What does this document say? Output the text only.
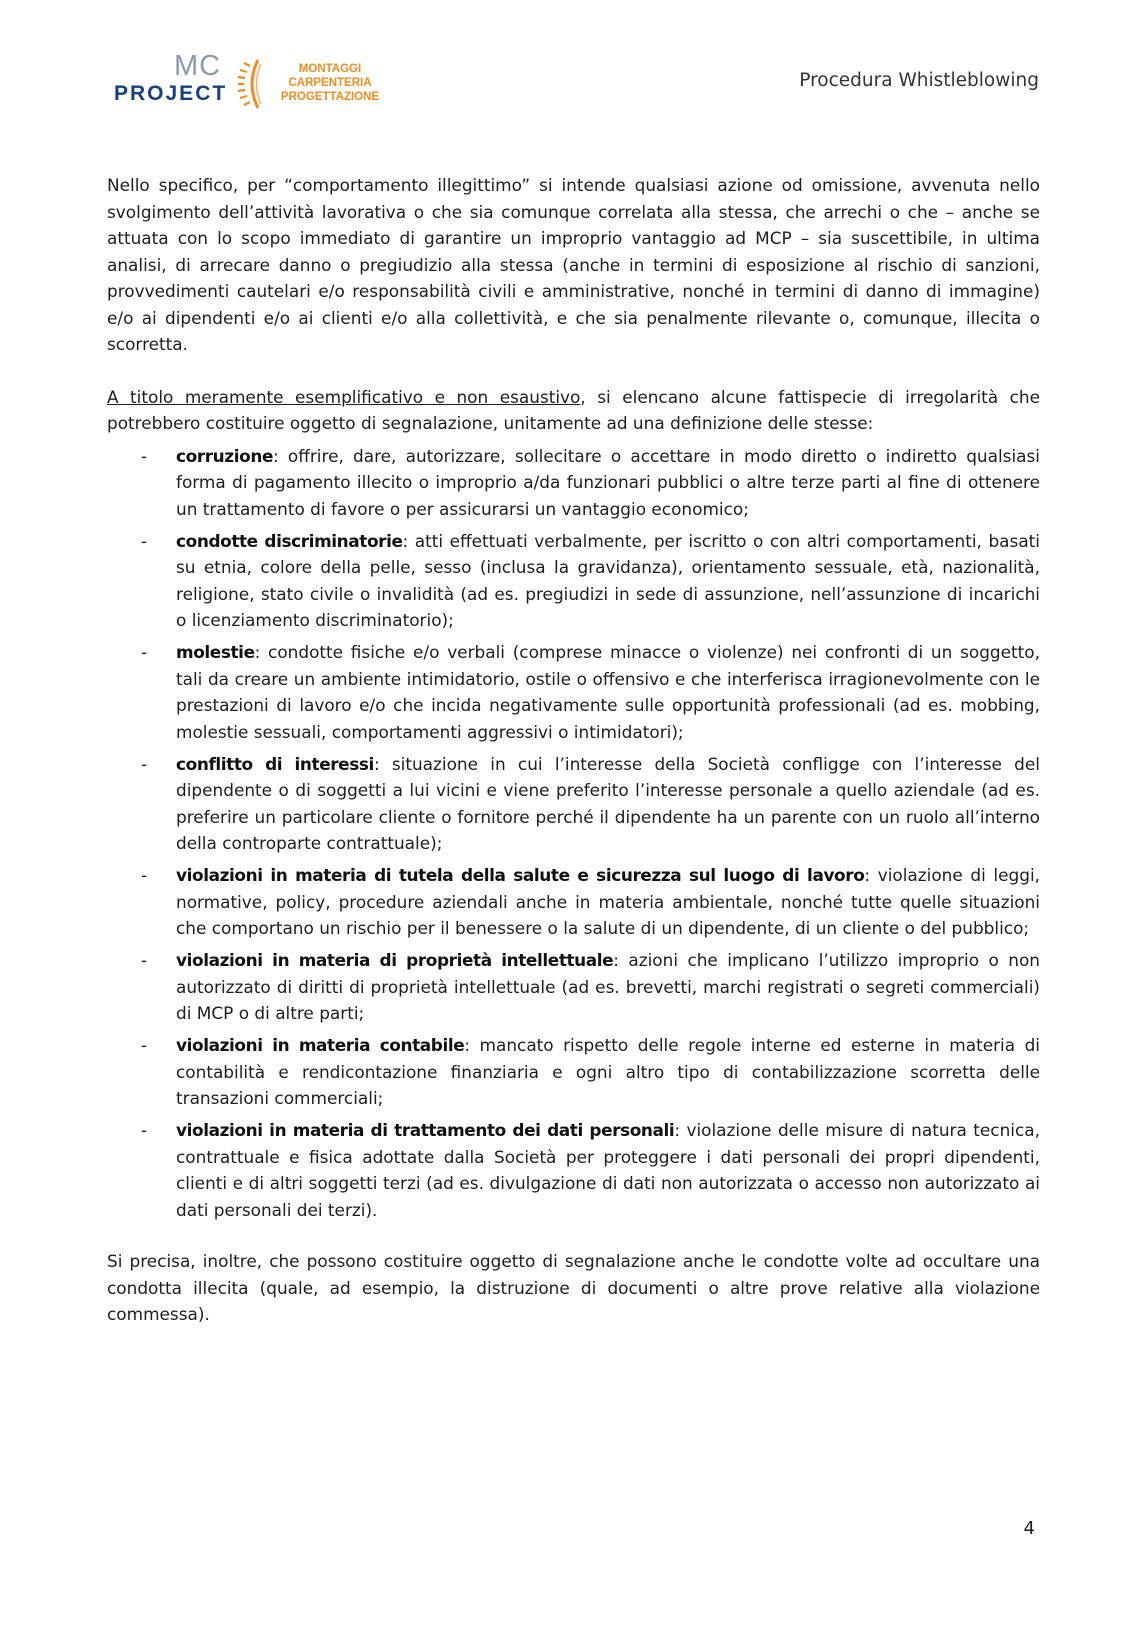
MC
PROJECT
MONTAGGI
CARPENTERIA
PROGETTAZIONE
Procedura Whistleblowing

Nello specifico, per “comportamento illegittimo” si intende qualsiasi azione od omissione, avvenuta nello svolgimento dell’attività lavorativa o che sia comunque correlata alla stessa, che arrechi o che – anche se attuata con lo scopo immediato di garantire un improprio vantaggio ad MCP – sia suscettibile, in ultima analisi, di arrecare danno o pregiudizio alla stessa (anche in termini di esposizione al rischio di sanzioni, provvedimenti cautelari e/o responsabilità civili e amministrative, nonché in termini di danno di immagine) e/o ai dipendenti e/o ai clienti e/o alla collettività, e che sia penalmente rilevante o, comunque, illecita o scorretta.

A titolo meramente esemplificativo e non esaustivo, si elencano alcune fattispecie di irregolarità che potrebbero costituire oggetto di segnalazione, unitamente ad una definizione delle stesse:

- corruzione: offrire, dare, autorizzare, sollecitare o accettare in modo diretto o indiretto qualsiasi forma di pagamento illecito o improprio a/da funzionari pubblici o altre terze parti al fine di ottenere un trattamento di favore o per assicurarsi un vantaggio economico;
- condotte discriminatorie: atti effettuati verbalmente, per iscritto o con altri comportamenti, basati su etnia, colore della pelle, sesso (inclusa la gravidanza), orientamento sessuale, età, nazionalità, religione, stato civile o invalidità (ad es. pregiudizi in sede di assunzione, nell’assunzione di incarichi o licenziamento discriminatorio);
- molestie: condotte fisiche e/o verbali (comprese minacce o violenze) nei confronti di un soggetto, tali da creare un ambiente intimidatorio, ostile o offensivo e che interferisca irragionevolmente con le prestazioni di lavoro e/o che incida negativamente sulle opportunità professionali (ad es. mobbing, molestie sessuali, comportamenti aggressivi o intimidatori);
- conflitto di interessi: situazione in cui l’interesse della Società confligge con l’interesse del dipendente o di soggetti a lui vicini e viene preferito l’interesse personale a quello aziendale (ad es. preferire un particolare cliente o fornitore perché il dipendente ha un parente con un ruolo all’interno della controparte contrattuale);
- violazioni in materia di tutela della salute e sicurezza sul luogo di lavoro: violazione di leggi, normative, policy, procedure aziendali anche in materia ambientale, nonché tutte quelle situazioni che comportano un rischio per il benessere o la salute di un dipendente, di un cliente o del pubblico;
- violazioni in materia di proprietà intellettuale: azioni che implicano l’utilizzo improprio o non autorizzato di diritti di proprietà intellettuale (ad es. brevetti, marchi registrati o segreti commerciali) di MCP o di altre parti;
- violazioni in materia contabile: mancato rispetto delle regole interne ed esterne in materia di contabilità e rendicontazione finanziaria e ogni altro tipo di contabilizzazione scorretta delle transazioni commerciali;
- violazioni in materia di trattamento dei dati personali: violazione delle misure di natura tecnica, contrattuale e fisica adottate dalla Società per proteggere i dati personali dei propri dipendenti, clienti e di altri soggetti terzi (ad es. divulgazione di dati non autorizzata o accesso non autorizzato ai dati personali dei terzi).

Si precisa, inoltre, che possono costituire oggetto di segnalazione anche le condotte volte ad occultare una condotta illecita (quale, ad esempio, la distruzione di documenti o altre prove relative alla violazione commessa).

4
